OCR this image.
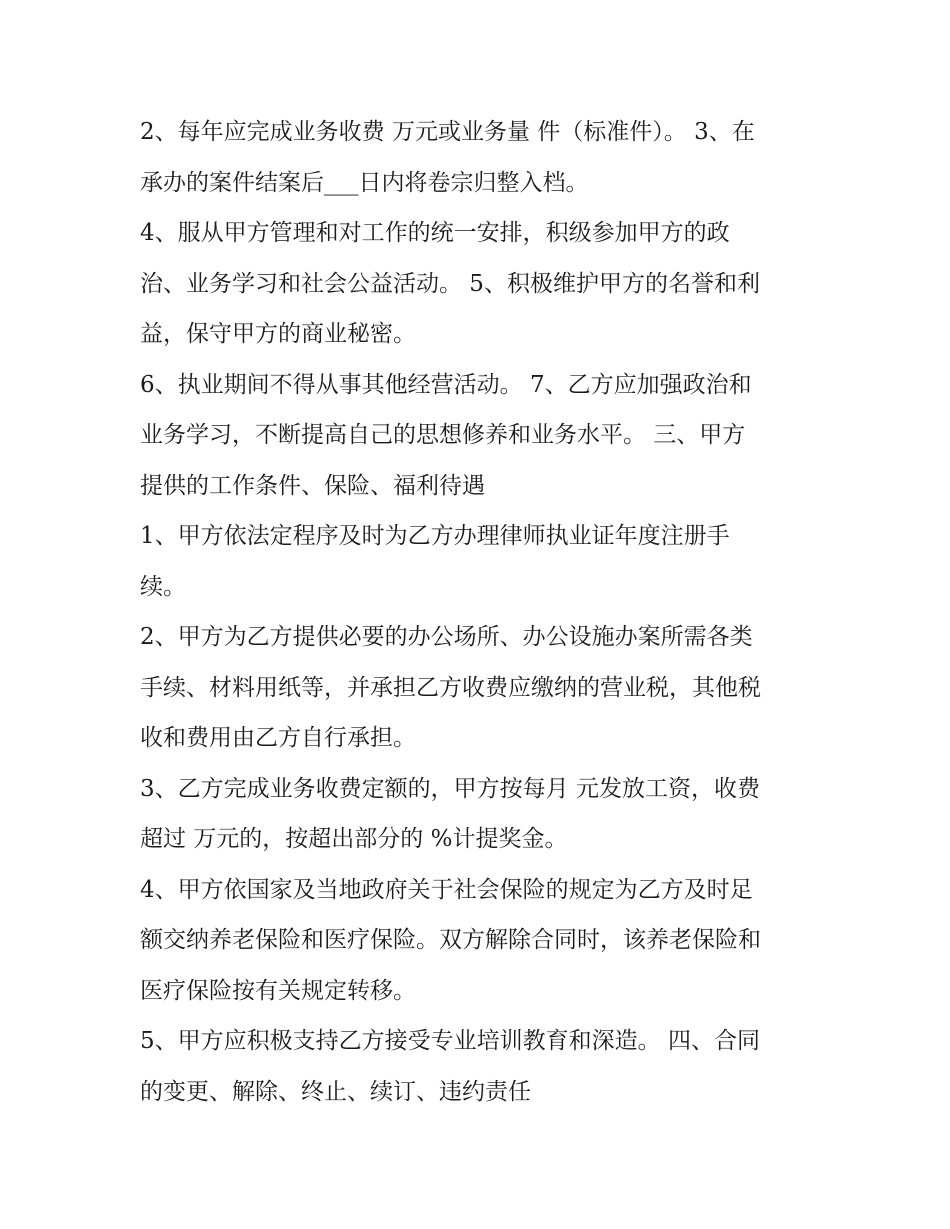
2、每年应完成业务收费 万元或业务量 件（标准件）。 3、在
承办的案件结案后___日内将卷宗归整入档。
4、服从甲方管理和对工作的统一安排，积级参加甲方的政
治、业务学习和社会公益活动。 5、积极维护甲方的名誉和利
益，保守甲方的商业秘密。
6、执业期间不得从事其他经营活动。 7、乙方应加强政治和
业务学习，不断提高自己的思想修养和业务水平。 三、甲方
提供的工作条件、保险、福利待遇
1、甲方依法定程序及时为乙方办理律师执业证年度注册手
续。
2、甲方为乙方提供必要的办公场所、办公设施办案所需各类
手续、材料用纸等，并承担乙方收费应缴纳的营业税，其他税
收和费用由乙方自行承担。
3、乙方完成业务收费定额的，甲方按每月 元发放工资，收费
超过 万元的，按超出部分的 %计提奖金。
4、甲方依国家及当地政府关于社会保险的规定为乙方及时足
额交纳养老保险和医疗保险。双方解除合同时，该养老保险和
医疗保险按有关规定转移。
5、甲方应积极支持乙方接受专业培训教育和深造。 四、合同
的变更、解除、终止、续订、违约责任
